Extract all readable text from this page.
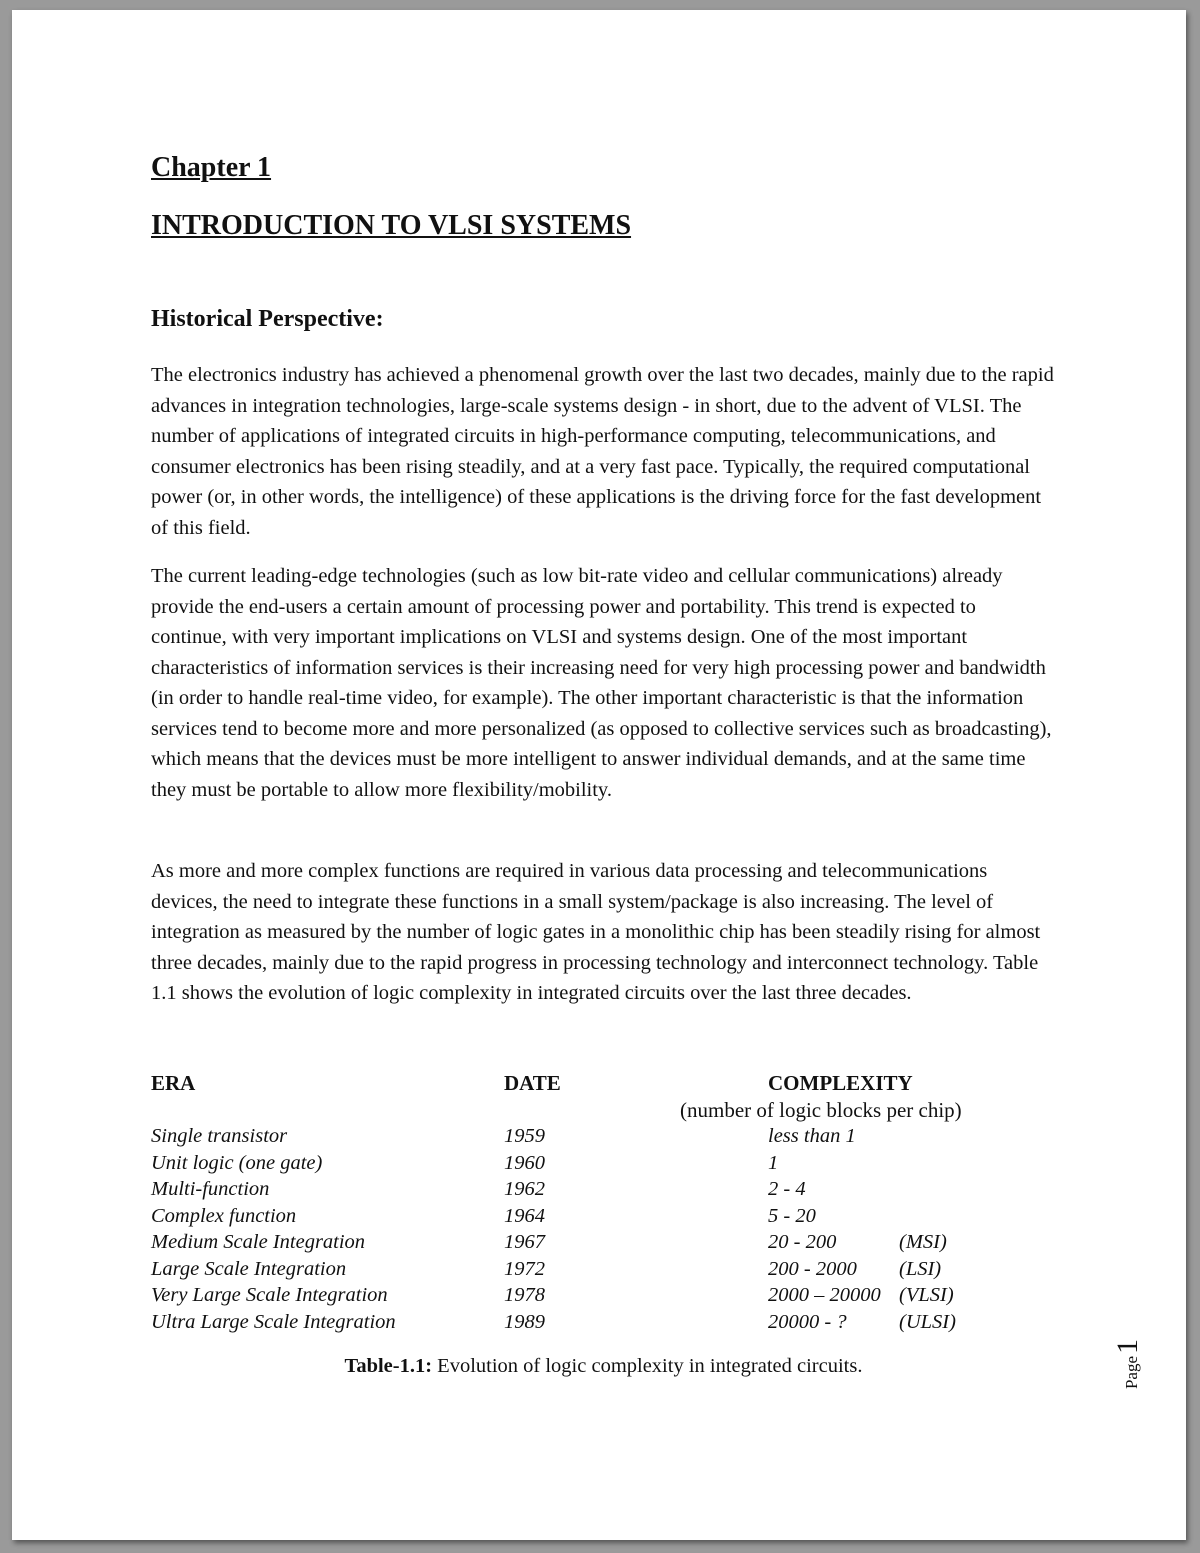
Chapter 1
INTRODUCTION TO VLSI SYSTEMS
Historical Perspective:

The electronics industry has achieved a phenomenal growth over the last two decades, mainly due to the rapid advances in integration technologies, large-scale systems design - in short, due to the advent of VLSI. The number of applications of integrated circuits in high-performance computing, telecommunications, and consumer electronics has been rising steadily, and at a very fast pace. Typically, the required computational power (or, in other words, the intelligence) of these applications is the driving force for the fast development of this field.

The current leading-edge technologies (such as low bit-rate video and cellular communications) already provide the end-users a certain amount of processing power and portability. This trend is expected to continue, with very important implications on VLSI and systems design. One of the most important characteristics of information services is their increasing need for very high processing power and bandwidth (in order to handle real-time video, for example). The other important characteristic is that the information services tend to become more and more personalized (as opposed to collective services such as broadcasting), which means that the devices must be more intelligent to answer individual demands, and at the same time they must be portable to allow more flexibility/mobility.

As more and more complex functions are required in various data processing and telecommunications devices, the need to integrate these functions in a small system/package is also increasing. The level of integration as measured by the number of logic gates in a monolithic chip has been steadily rising for almost three decades, mainly due to the rapid progress in processing technology and interconnect technology. Table 1.1 shows the evolution of logic complexity in integrated circuits over the last three decades.

ERA	DATE	COMPLEXITY
(number of logic blocks per chip)
Single transistor	1959	less than 1
Unit logic (one gate)	1960	1
Multi-function	1962	2 - 4
Complex function	1964	5 - 20
Medium Scale Integration	1967	20 - 200	(MSI)
Large Scale Integration	1972	200 - 2000 (LSI)
Very Large Scale Integration	1978	2000 – 20000 (VLSI)
Ultra Large Scale Integration	1989	20000 - ?	(ULSI)
Table-1.1: Evolution of logic complexity in integrated circuits.	Page1
